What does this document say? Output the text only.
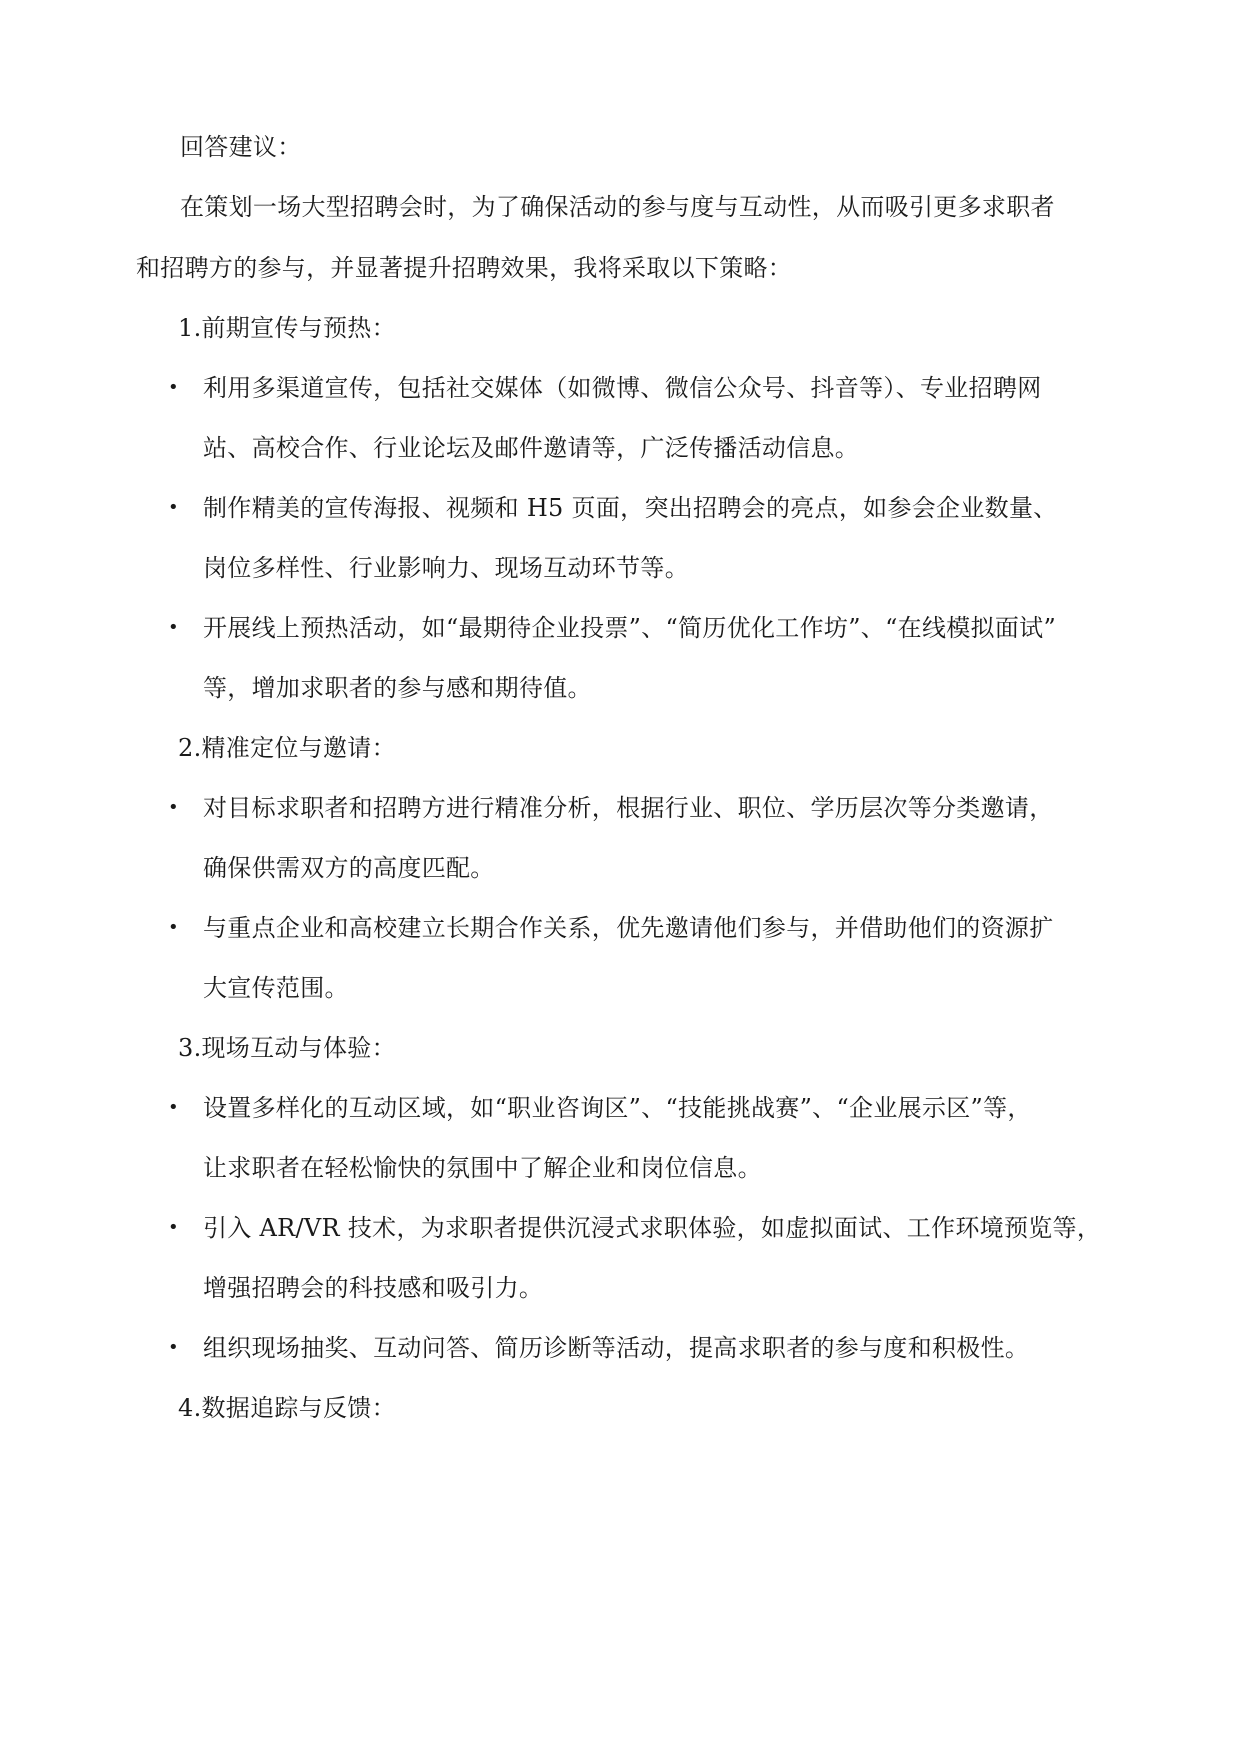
回答建议：
在策划一场大型招聘会时，为了确保活动的参与度与互动性，从而吸引更多求职者
和招聘方的参与，并显著提升招聘效果，我将采取以下策略：
1.前期宣传与预热：
• 利用多渠道宣传，包括社交媒体（如微博、微信公众号、抖音等）、专业招聘网
站、高校合作、行业论坛及邮件邀请等，广泛传播活动信息。
• 制作精美的宣传海报、视频和 H5 页面，突出招聘会的亮点，如参会企业数量、
岗位多样性、行业影响力、现场互动环节等。
• 开展线上预热活动，如“最期待企业投票”、“简历优化工作坊”、“在线模拟面试”
等，增加求职者的参与感和期待值。
2.精准定位与邀请：
• 对目标求职者和招聘方进行精准分析，根据行业、职位、学历层次等分类邀请，
确保供需双方的高度匹配。
• 与重点企业和高校建立长期合作关系，优先邀请他们参与，并借助他们的资源扩
大宣传范围。
3.现场互动与体验：
• 设置多样化的互动区域，如“职业咨询区”、“技能挑战赛”、“企业展示区”等，
让求职者在轻松愉快的氛围中了解企业和岗位信息。
• 引入 AR/VR 技术，为求职者提供沉浸式求职体验，如虚拟面试、工作环境预览等，
增强招聘会的科技感和吸引力。
• 组织现场抽奖、互动问答、简历诊断等活动，提高求职者的参与度和积极性。
4.数据追踪与反馈：
